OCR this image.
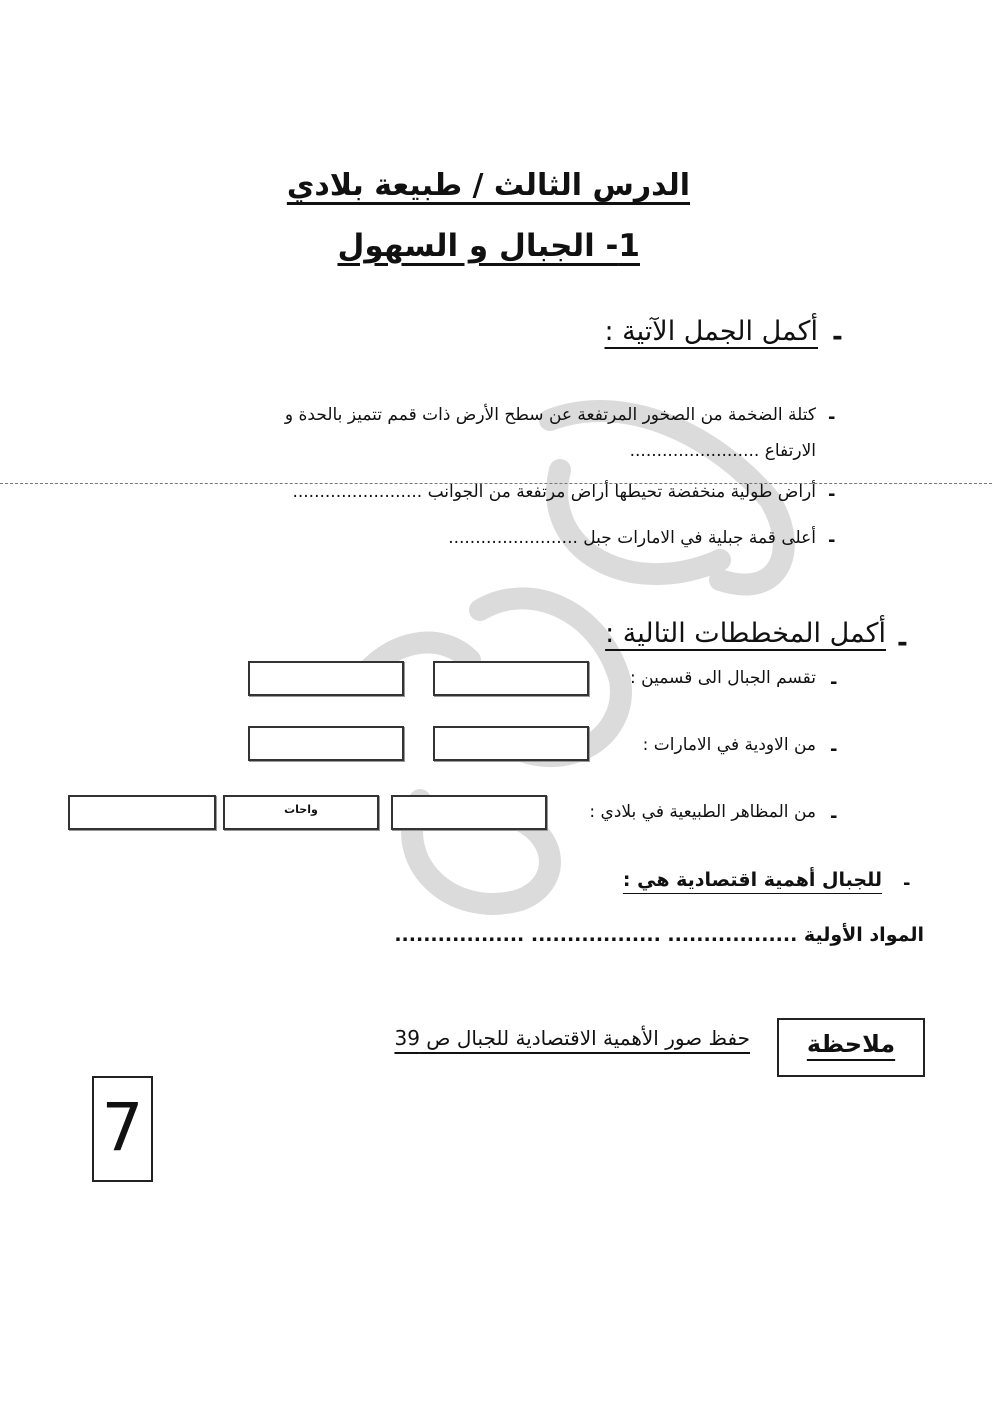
الدرس الثالث / طبيعة بلادي
1- الجبال و السهول
-
أكمل الجمل الآتية :
-
كتلة الضخمة من الصخور المرتفعة عن سطح الأرض ذات قمم تتميز بالحدة و
الارتفاع ........................
-
أراض طولية منخفضة تحيطها أراض مرتفعة من الجوانب ........................
-
أعلى قمة جبلية في الامارات جبل ........................
-
أكمل المخططات التالية :
-
تقسم الجبال الى قسمين :
-
من الاودية في الامارات :
-
من المظاهر الطبيعية في بلادي :
واحات
-
للجبال أهمية اقتصادية هي :
المواد الأولية .................. .................. ..................
ملاحظة
حفظ صور الأهمية الاقتصادية للجبال ص 39
7
